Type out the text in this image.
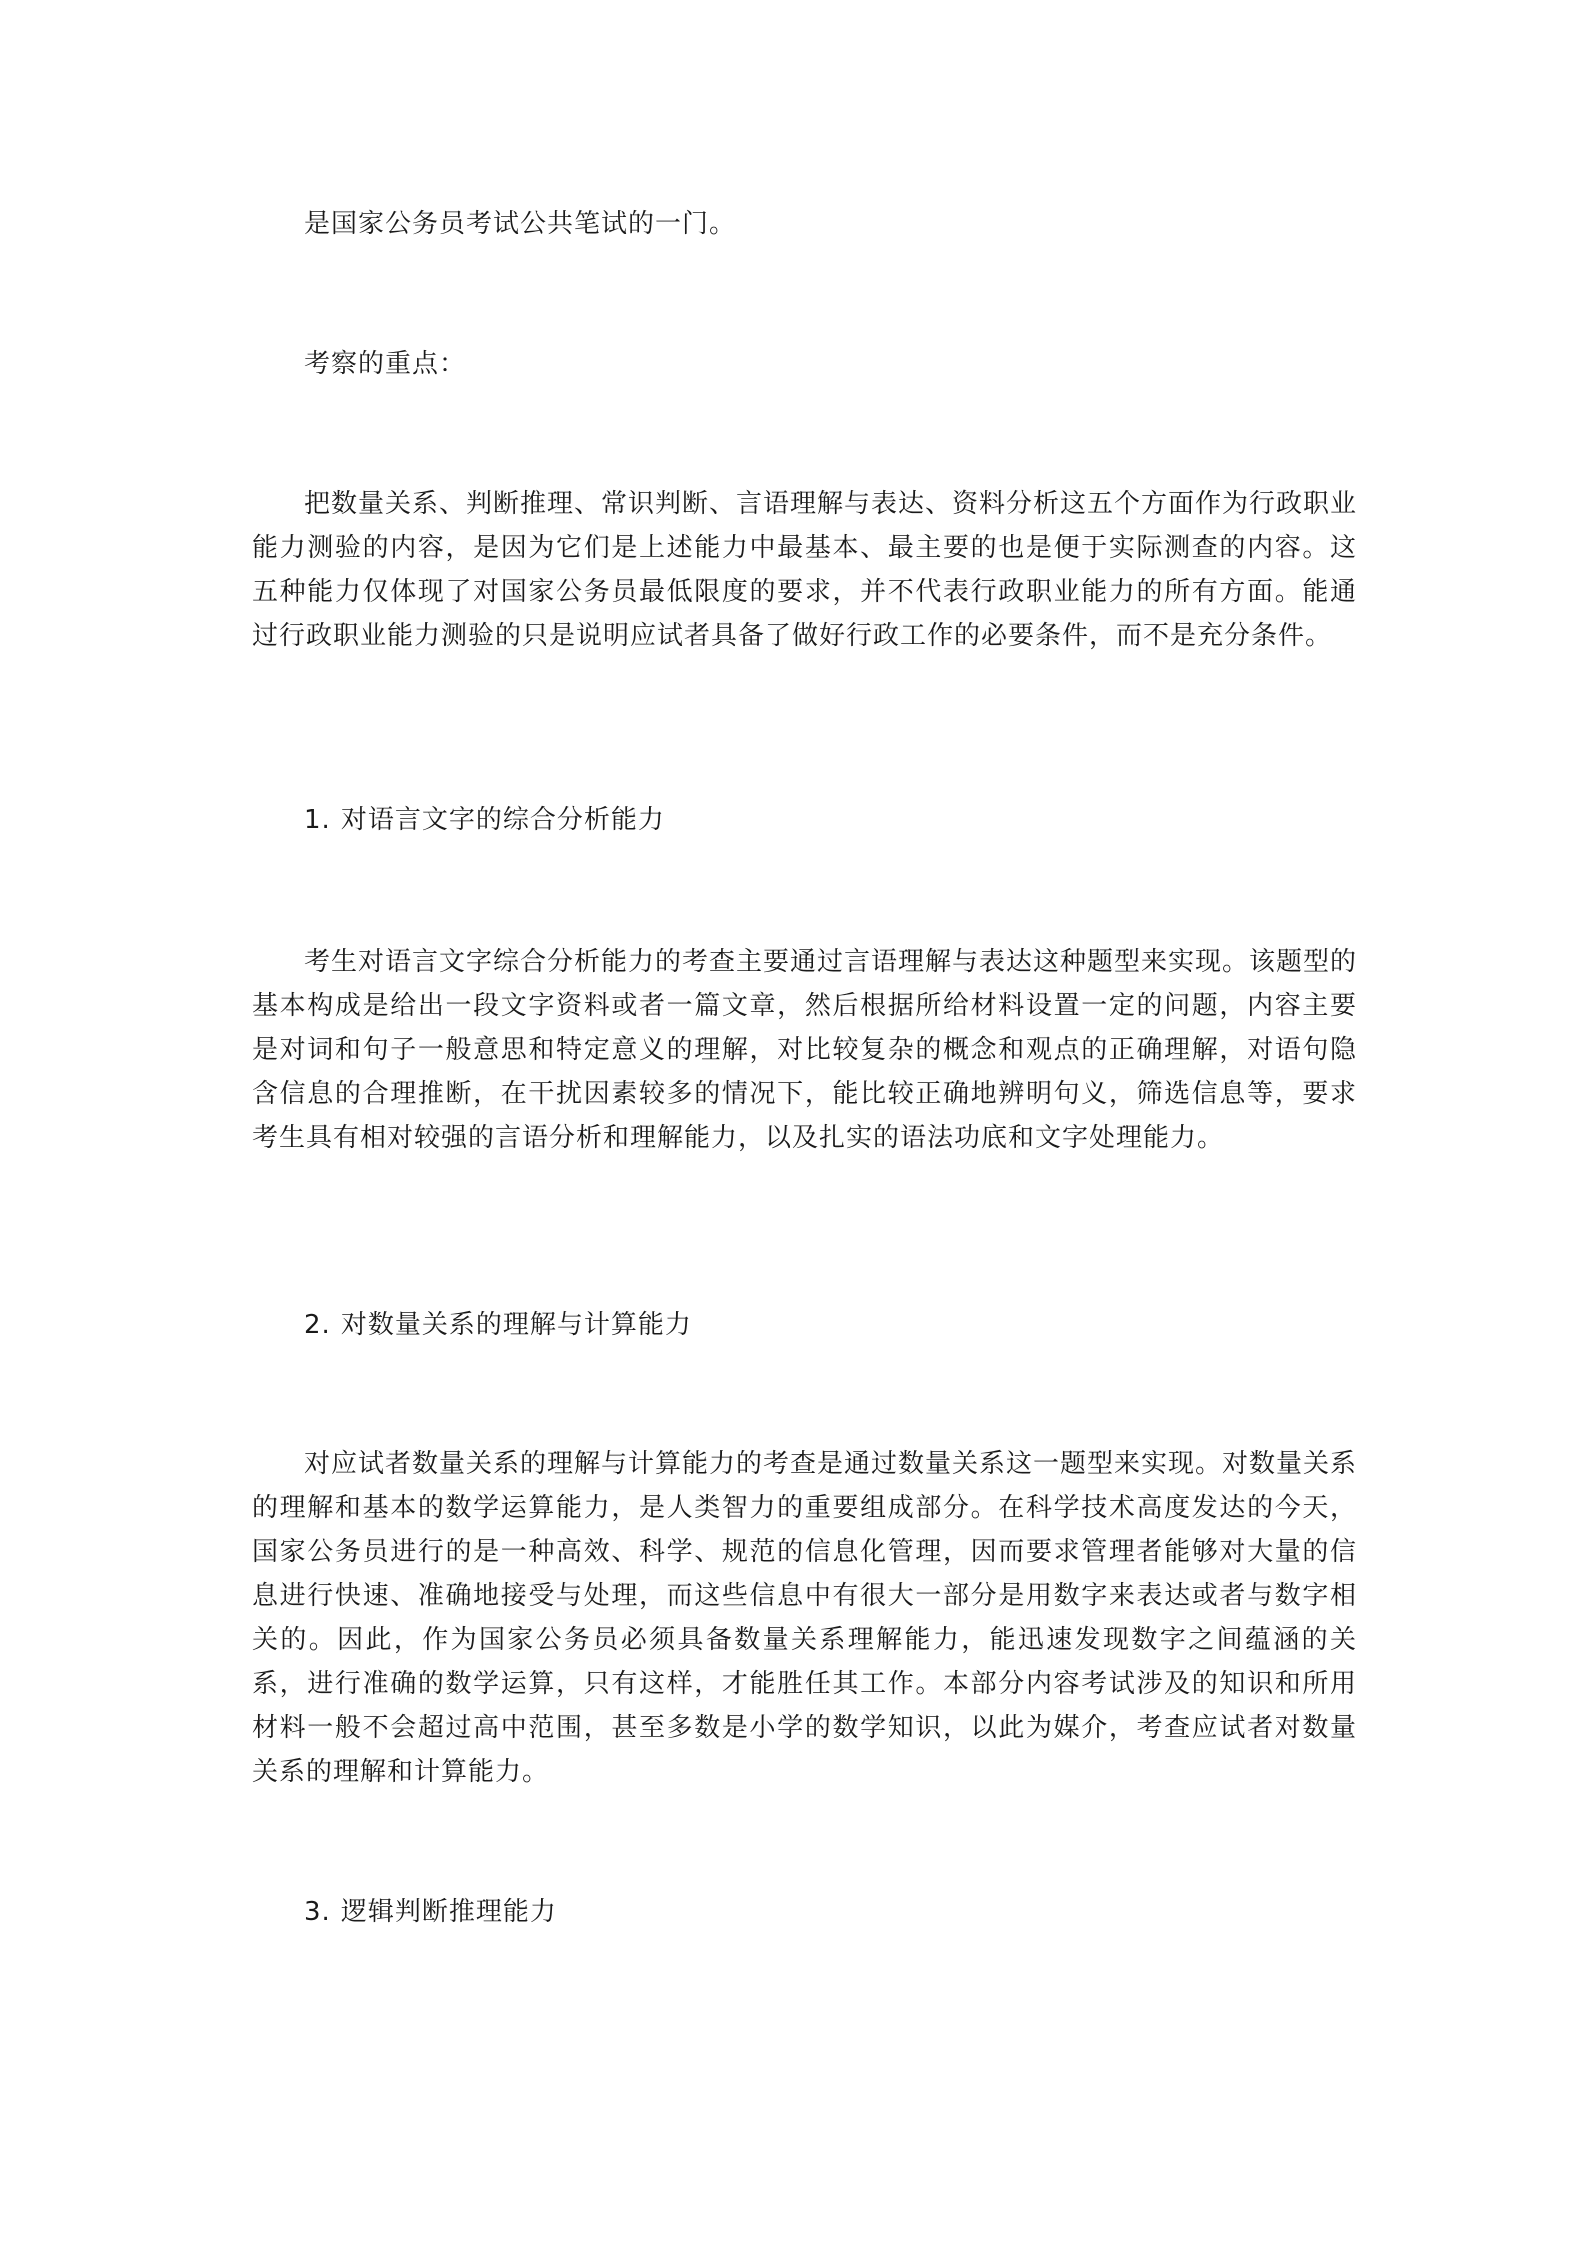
是国家公务员考试公共笔试的一门。

考察的重点：

把数量关系、判断推理、常识判断、言语理解与表达、资料分析这五个方面作为行政职业能力测验的内容，是因为它们是上述能力中最基本、最主要的也是便于实际测查的内容。这五种能力仅体现了对国家公务员最低限度的要求，并不代表行政职业能力的所有方面。能通过行政职业能力测验的只是说明应试者具备了做好行政工作的必要条件，而不是充分条件。

1. 对语言文字的综合分析能力

考生对语言文字综合分析能力的考查主要通过言语理解与表达这种题型来实现。该题型的基本构成是给出一段文字资料或者一篇文章，然后根据所给材料设置一定的问题，内容主要是对词和句子一般意思和特定意义的理解，对比较复杂的概念和观点的正确理解，对语句隐含信息的合理推断，在干扰因素较多的情况下，能比较正确地辨明句义，筛选信息等，要求考生具有相对较强的言语分析和理解能力，以及扎实的语法功底和文字处理能力。

2. 对数量关系的理解与计算能力

对应试者数量关系的理解与计算能力的考查是通过数量关系这一题型来实现。对数量关系的理解和基本的数学运算能力，是人类智力的重要组成部分。在科学技术高度发达的今天，国家公务员进行的是一种高效、科学、规范的信息化管理，因而要求管理者能够对大量的信息进行快速、准确地接受与处理，而这些信息中有很大一部分是用数字来表达或者与数字相关的。因此，作为国家公务员必须具备数量关系理解能力，能迅速发现数字之间蕴涵的关系，进行准确的数学运算，只有这样，才能胜任其工作。本部分内容考试涉及的知识和所用材料一般不会超过高中范围，甚至多数是小学的数学知识，以此为媒介，考查应试者对数量关系的理解和计算能力。

3. 逻辑判断推理能力
